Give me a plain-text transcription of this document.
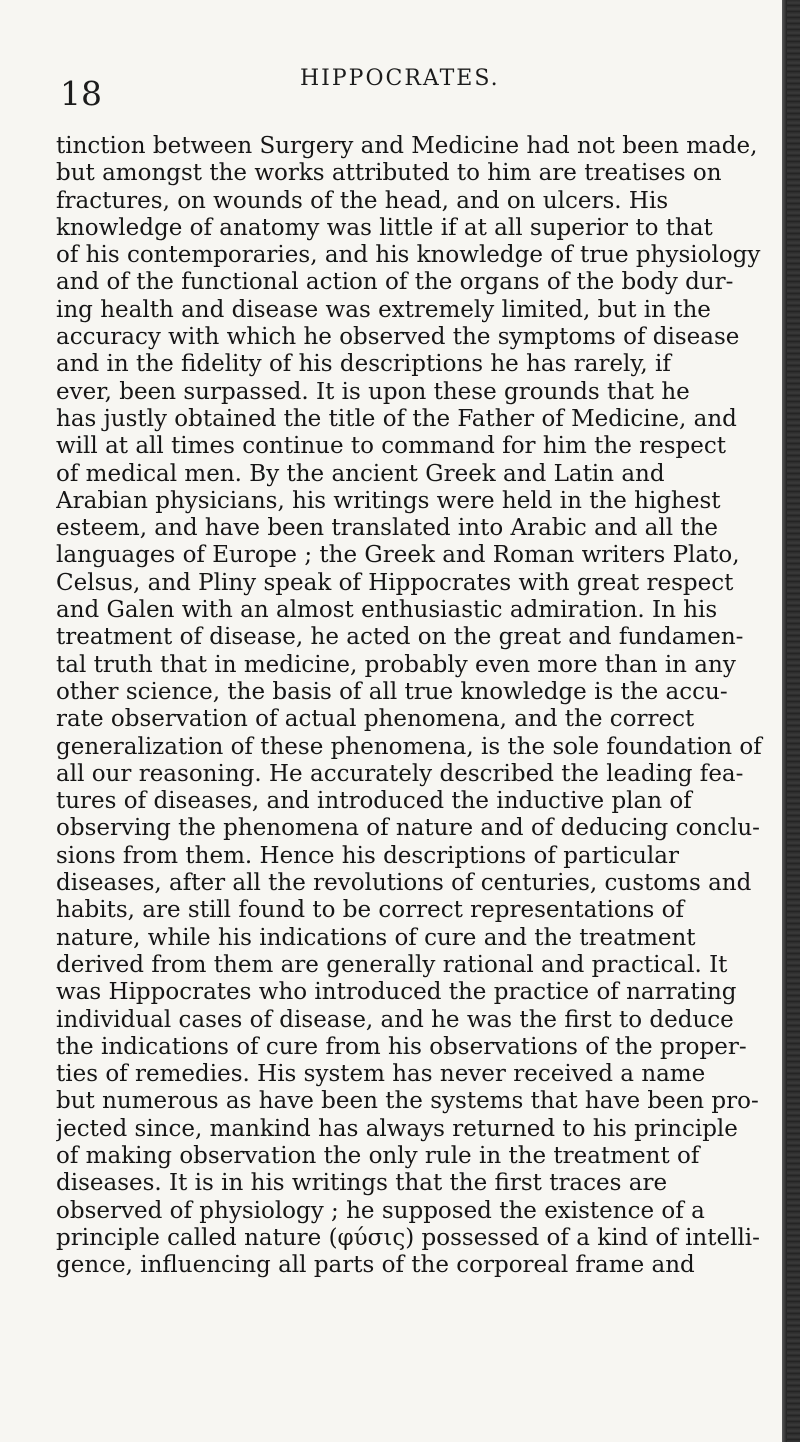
18	HIPPOCRATES.
tinction between Surgery and Medicine had not been made,
but amongst the works attributed to him are treatises on
fractures, on wounds of the head, and on ulcers. His
knowledge of anatomy was little if at all superior to that
of his contemporaries, and his knowledge of true physiology
and of the functional action of the organs of the body dur-
ing health and disease was extremely limited, but in the
accuracy with which he observed the symptoms of disease
and in the fidelity of his descriptions he has rarely, if
ever, been surpassed. It is upon these grounds that he
has justly obtained the title of the Father of Medicine, and
will at all times continue to command for him the respect
of medical men. By the ancient Greek and Latin and
Arabian physicians, his writings were held in the highest
esteem, and have been translated into Arabic and all the
languages of Europe ; the Greek and Roman writers Plato,
Celsus, and Pliny speak of Hippocrates with great respect
and Galen with an almost enthusiastic admiration. In his
treatment of disease, he acted on the great and fundamen-
tal truth that in medicine, probably even more than in any
other science, the basis of all true knowledge is the accu-
rate observation of actual phenomena, and the correct
generalization of these phenomena, is the sole foundation of
all our reasoning. He accurately described the leading fea-
tures of diseases, and introduced the inductive plan of
observing the phenomena of nature and of deducing conclu-
sions from them. Hence his descriptions of particular
diseases, after all the revolutions of centuries, customs and
habits, are still found to be correct representations of
nature, while his indications of cure and the treatment
derived from them are generally rational and practical. It
was Hippocrates who introduced the practice of narrating
individual cases of disease, and he was the first to deduce
the indications of cure from his observations of the proper-
ties of remedies. His system has never received a name
but numerous as have been the systems that have been pro-
jected since, mankind has always returned to his principle
of making observation the only rule in the treatment of
diseases. It is in his writings that the first traces are
observed of physiology ; he supposed the existence of a
principle called nature (φύσις) possessed of a kind of intelli-
gence, influencing all parts of the corporeal frame and
